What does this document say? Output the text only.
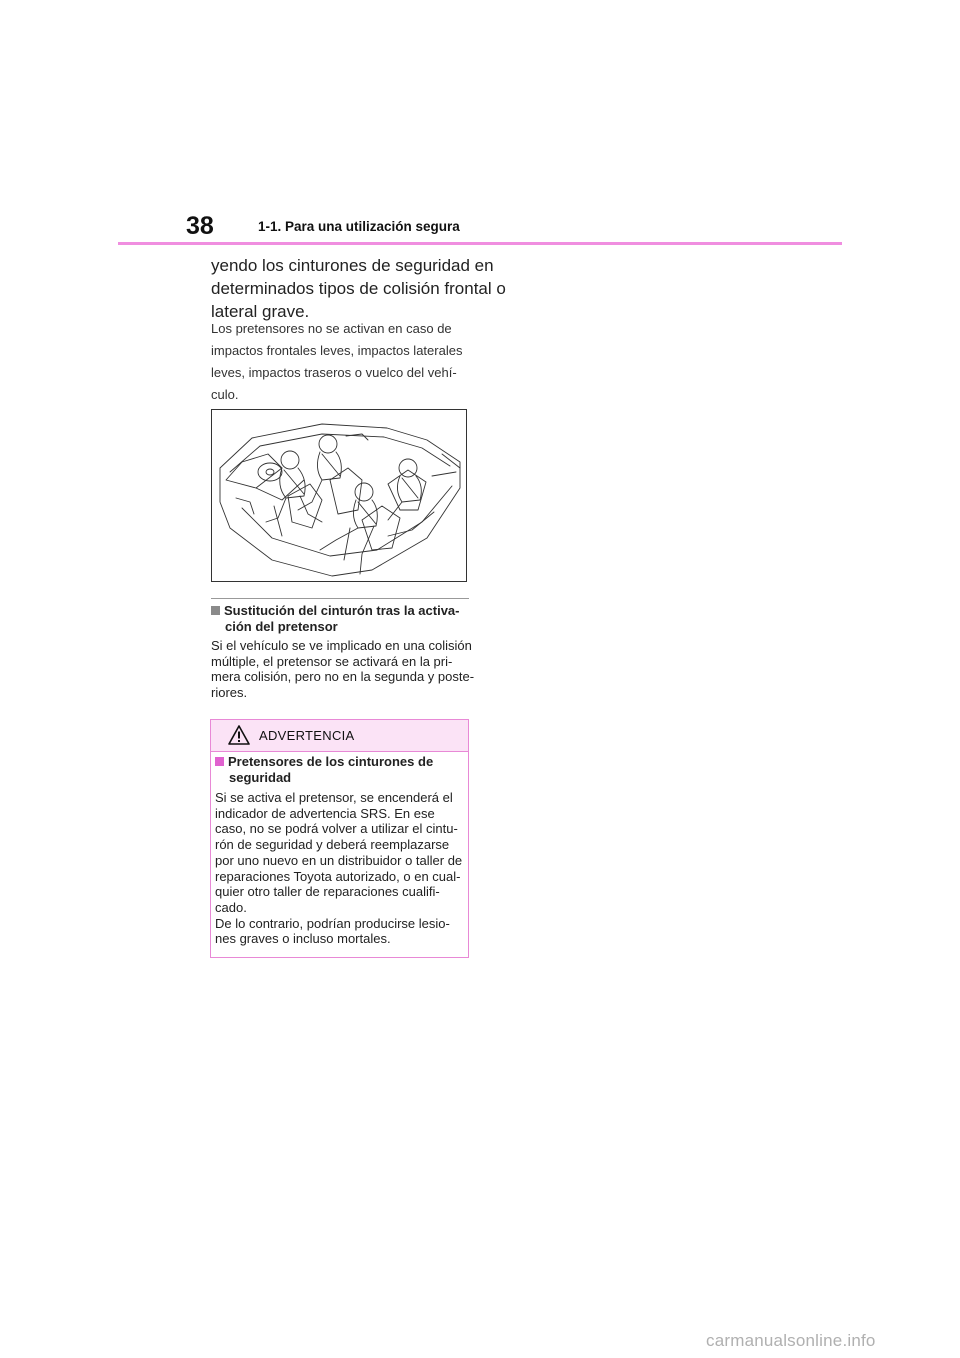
38	1-1. Para una utilización segura
yendo los cinturones de seguridad en
determinados tipos de colisión frontal o
lateral grave.
Los pretensores no se activan en caso de
impactos frontales leves, impactos laterales
leves, impactos traseros o vuelco del vehí-
culo.
Sustitución del cinturón tras la activa-
ción del pretensor
Si el vehículo se ve implicado en una colisión
múltiple, el pretensor se activará en la pri-
mera colisión, pero no en la segunda y poste-
riores.
ADVERTENCIA
Pretensores de los cinturones de
seguridad
Si se activa el pretensor, se encenderá el
indicador de advertencia SRS. En ese
caso, no se podrá volver a utilizar el cintu-
rón de seguridad y deberá reemplazarse
por uno nuevo en un distribuidor o taller de
reparaciones Toyota autorizado, o en cual-
quier otro taller de reparaciones cualifi-
cado.
De lo contrario, podrían producirse lesio-
nes graves o incluso mortales.
carmanualsonline.info
